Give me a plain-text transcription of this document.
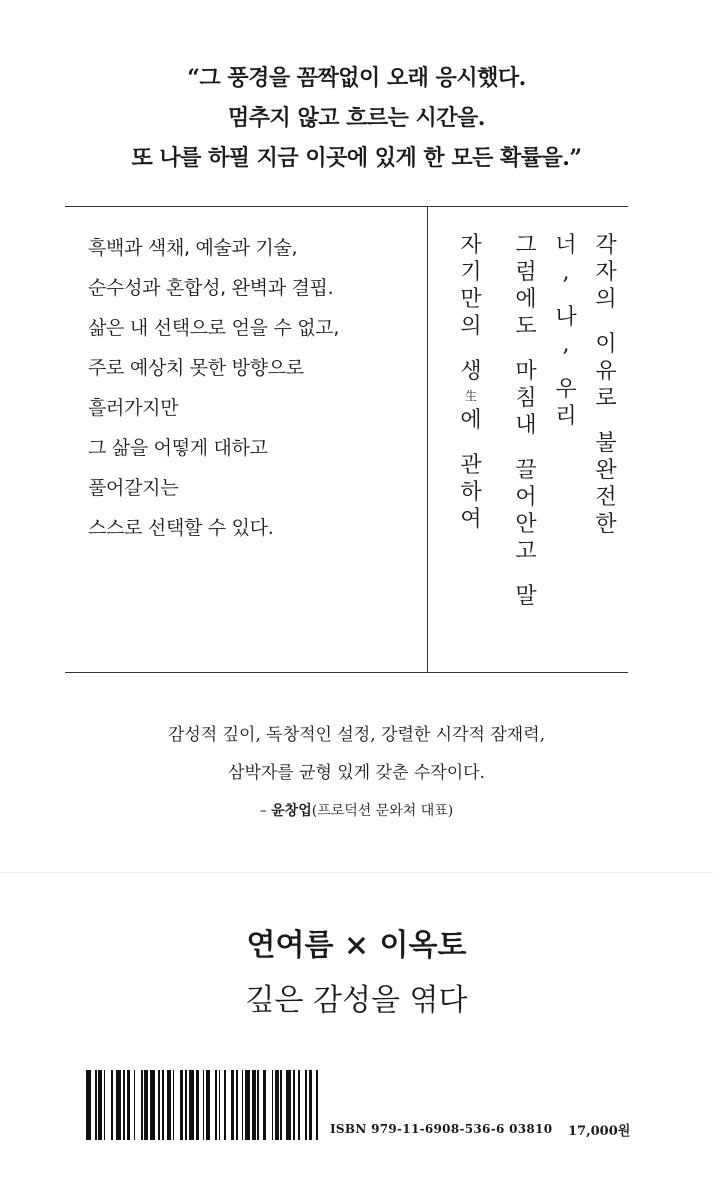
“그 풍경을 꼼짝없이 오래 응시했다.
멈추지 않고 흐르는 시간을.
또 나를 하필 지금 이곳에 있게 한 모든 확률을.”
흑백과 색채, 예술과 기술,
순수성과 혼합성, 완벽과 결핍.
삶은 내 선택으로 얻을 수 없고,
주로 예상치 못한 방향으로
흘러가지만
그 삶을 어떻게 대하고
풀어갈지는
스스로 선택할 수 있다.
각
자
의
이
유
로
불
완
전
한
너
,
나
,
우
리
그
럼
에
도
마
침
내
끌
어
안
고
말
자
기
만
의
생
生
에
관
하
여
감성적 깊이, 독창적인 설정, 강렬한 시각적 잠재력,
삼박자를 균형 있게 갖춘 수작이다.
– 윤창업(프로덕션 문와쳐 대표)
연여름 × 이옥토
깊은 감성을 엮다
ISBN 979-11-6908-536-6 03810 17,000원
